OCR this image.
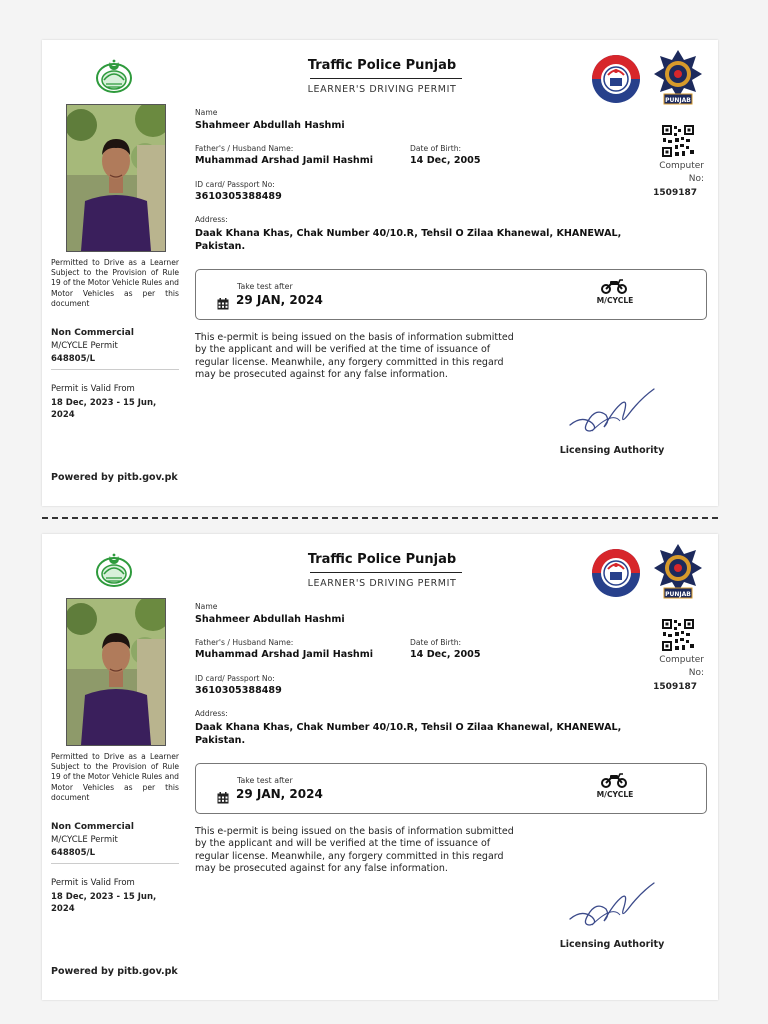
Permitted to Drive as a Learner Subject to the Provision of Rule 19 of the Motor Vehicle Rules and Motor Vehicles as per this document
Non Commercial
M/CYCLE Permit
648805/L
Permit is Valid From
18 Dec, 2023 - 15 Jun, 2024
Powered by pitb.gov.pk
Traffic Police Punjab
LEARNER'S DRIVING PERMIT
PUNJAB
Computer No:
1509187
Name
Shahmeer Abdullah Hashmi
Father's / Husband Name:
Muhammad Arshad Jamil Hashmi
Date of Birth:
14 Dec, 2005
ID card/ Passport No:
3610305388489
Address:
Daak Khana Khas, Chak Number 40/10.R, Tehsil O Zilaa Khanewal, KHANEWAL, Pakistan.
Take test after
29 JAN, 2024	M/CYCLE
This e-permit is being issued on the basis of information submitted by the applicant and will be verified at the time of issuance of regular license. Meanwhile, any forgery committed in this regard may be prosecuted against for any false information.
Licensing Authority
Permitted to Drive as a Learner Subject to the Provision of Rule 19 of the Motor Vehicle Rules and Motor Vehicles as per this document
Non Commercial
M/CYCLE Permit
648805/L
Permit is Valid From
18 Dec, 2023 - 15 Jun, 2024
Powered by pitb.gov.pk
Traffic Police Punjab
LEARNER'S DRIVING PERMIT
PUNJAB
Computer No:
1509187
Name
Shahmeer Abdullah Hashmi
Father's / Husband Name:
Muhammad Arshad Jamil Hashmi
Date of Birth:
14 Dec, 2005
ID card/ Passport No:
3610305388489
Address:
Daak Khana Khas, Chak Number 40/10.R, Tehsil O Zilaa Khanewal, KHANEWAL, Pakistan.
Take test after
29 JAN, 2024	M/CYCLE
This e-permit is being issued on the basis of information submitted by the applicant and will be verified at the time of issuance of regular license. Meanwhile, any forgery committed in this regard may be prosecuted against for any false information.
Licensing Authority
